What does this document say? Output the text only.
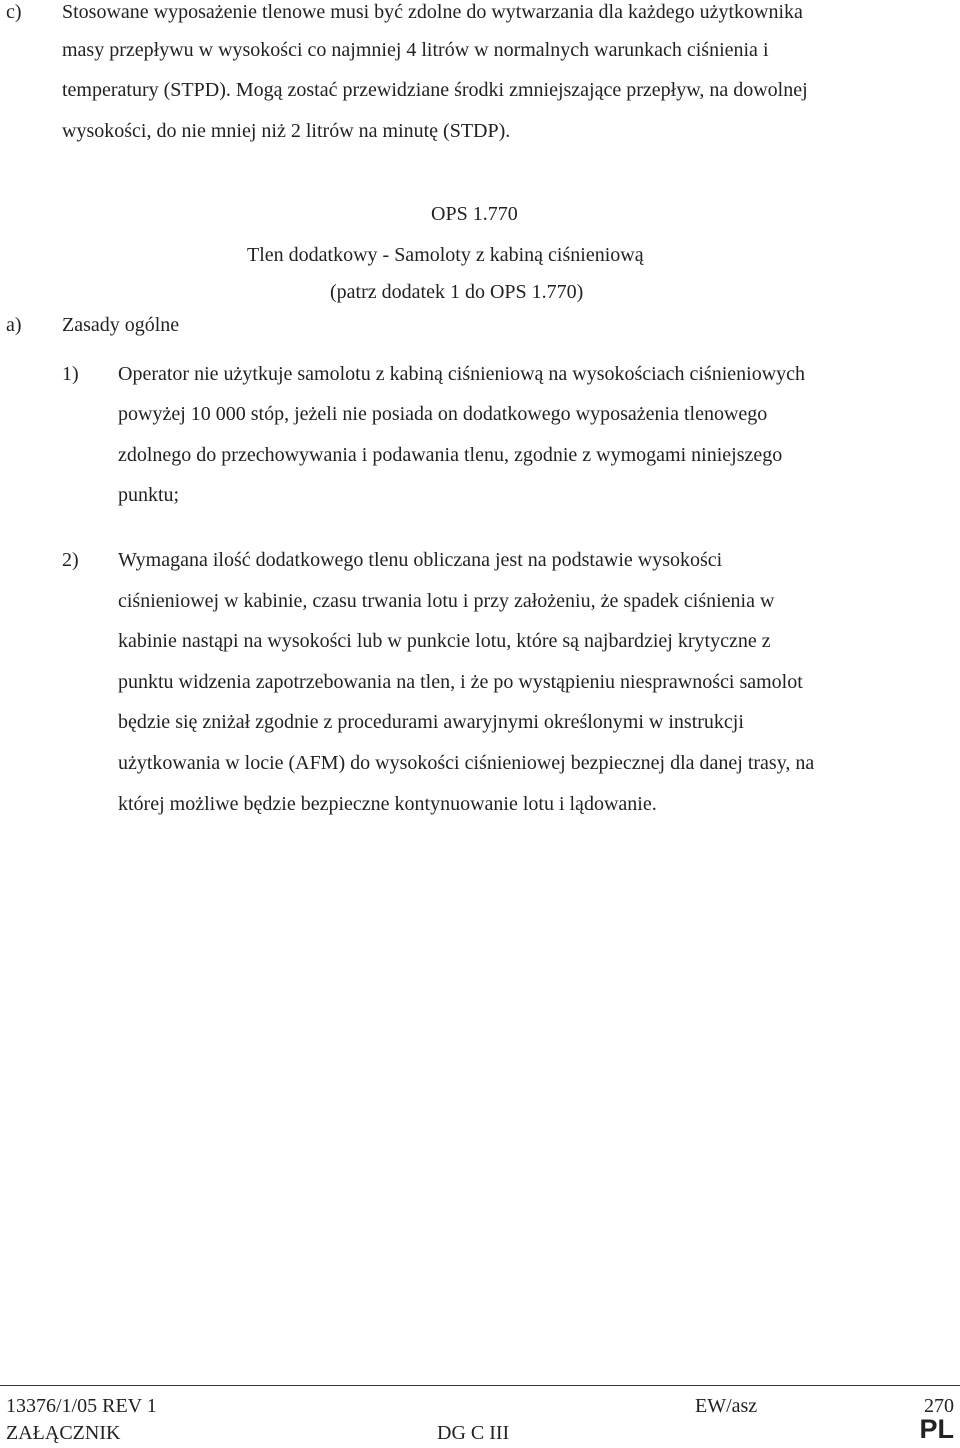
c) Stosowane wyposażenie tlenowe musi być zdolne do wytwarzania dla każdego użytkownika
masy przepływu w wysokości co najmniej 4 litrów w normalnych warunkach ciśnienia i
temperatury (STPD). Mogą zostać przewidziane środki zmniejszające przepływ, na dowolnej
wysokości, do nie mniej niż 2 litrów na minutę (STDP).
OPS 1.770
Tlen dodatkowy - Samoloty z kabiną ciśnieniową
(patrz dodatek 1 do OPS 1.770)
a) Zasady ogólne
1) Operator nie użytkuje samolotu z kabiną ciśnieniową na wysokościach ciśnieniowych
powyżej 10 000 stóp, jeżeli nie posiada on dodatkowego wyposażenia tlenowego
zdolnego do przechowywania i podawania tlenu, zgodnie z wymogami niniejszego
punktu;
2) Wymagana ilość dodatkowego tlenu obliczana jest na podstawie wysokości
ciśnieniowej w kabinie, czasu trwania lotu i przy założeniu, że spadek ciśnienia w
kabinie nastąpi na wysokości lub w punkcie lotu, które są najbardziej krytyczne z
punktu widzenia zapotrzebowania na tlen, i że po wystąpieniu niesprawności samolot
będzie się zniżał zgodnie z procedurami awaryjnymi określonymi w instrukcji
użytkowania w locie (AFM) do wysokości ciśnieniowej bezpiecznej dla danej trasy, na
której możliwe będzie bezpieczne kontynuowanie lotu i lądowanie.
13376/1/05 REV 1
ZAŁĄCZNIK
EW/asz
DG C III
270
PL
